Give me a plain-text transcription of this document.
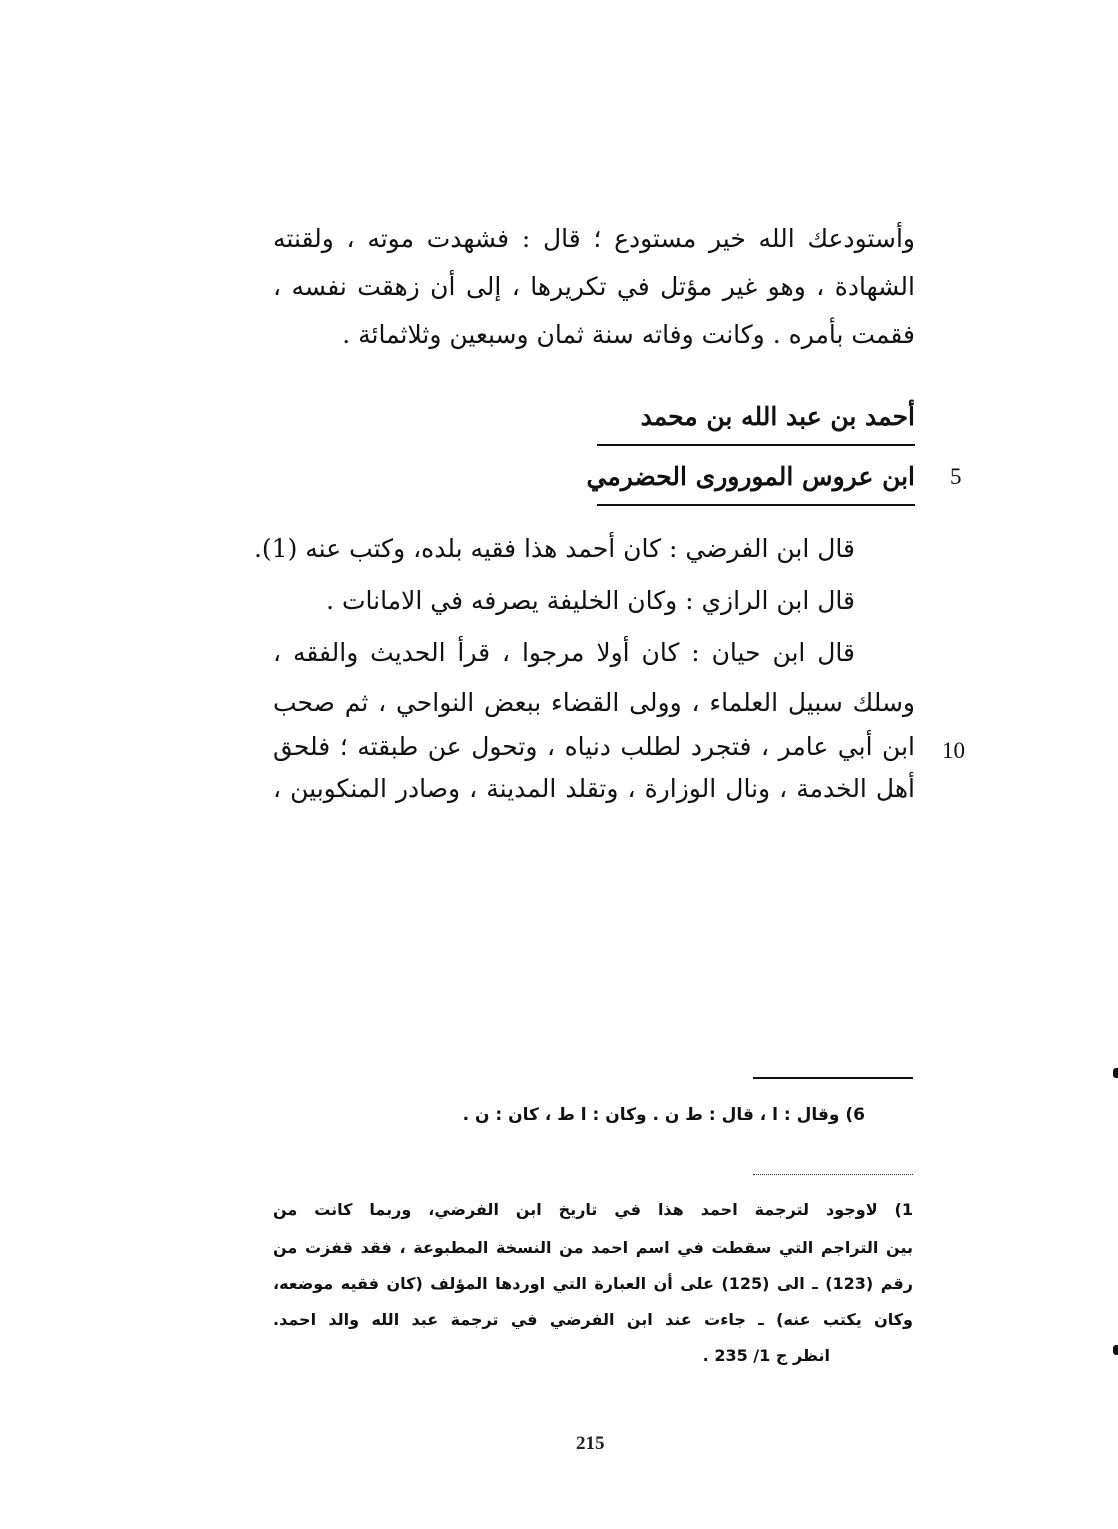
وأستودعك الله خير مستودع ؛ قال : فشهدت موته ، ولقنته
الشهادة ، وهو غير مؤتل في تكريرها ، إلى أن زهقت نفسه ،
فقمت بأمره . وكانت وفاته سنة ثمان وسبعين وثلاثمائة .
أحمد بن عبد الله بن محمد
ابن عروس المورورى الحضرمي 5
قال ابن الفرضي : كان أحمد هذا فقيه بلده، وكتب عنه (1).
قال ابن الرازي : وكان الخليفة يصرفه في الامانات .
قال ابن حيان : كان أولا مرجوا ، قرأ الحديث والفقه ،
وسلك سبيل العلماء ، وولى القضاء ببعض النواحي ، ثم صحب
ابن أبي عامر ، فتجرد لطلب دنياه ، وتحول عن طبقته ؛ فلحق
أهل الخدمة ، ونال الوزارة ، وتقلد المدينة ، وصادر المنكوبين ،
10
6) وقال : ا ، قال : ط ن . وكان : ا ط ، كان : ن .
1) لاوجود لترجمة احمد هذا في تاريخ ابن الفرضي، وربما كانت من
بين التراجم التي سقطت في اسم احمد من النسخة المطبوعة ، فقد قفزت من
رقم (123) ـ الى (125) على أن العبارة التي اوردها المؤلف (كان فقيه موضعه،
وكان يكتب عنه) ـ جاءت عند ابن الفرضي في ترجمة عبد الله والد احمد.
انظر ج 1/ 235 .
215
